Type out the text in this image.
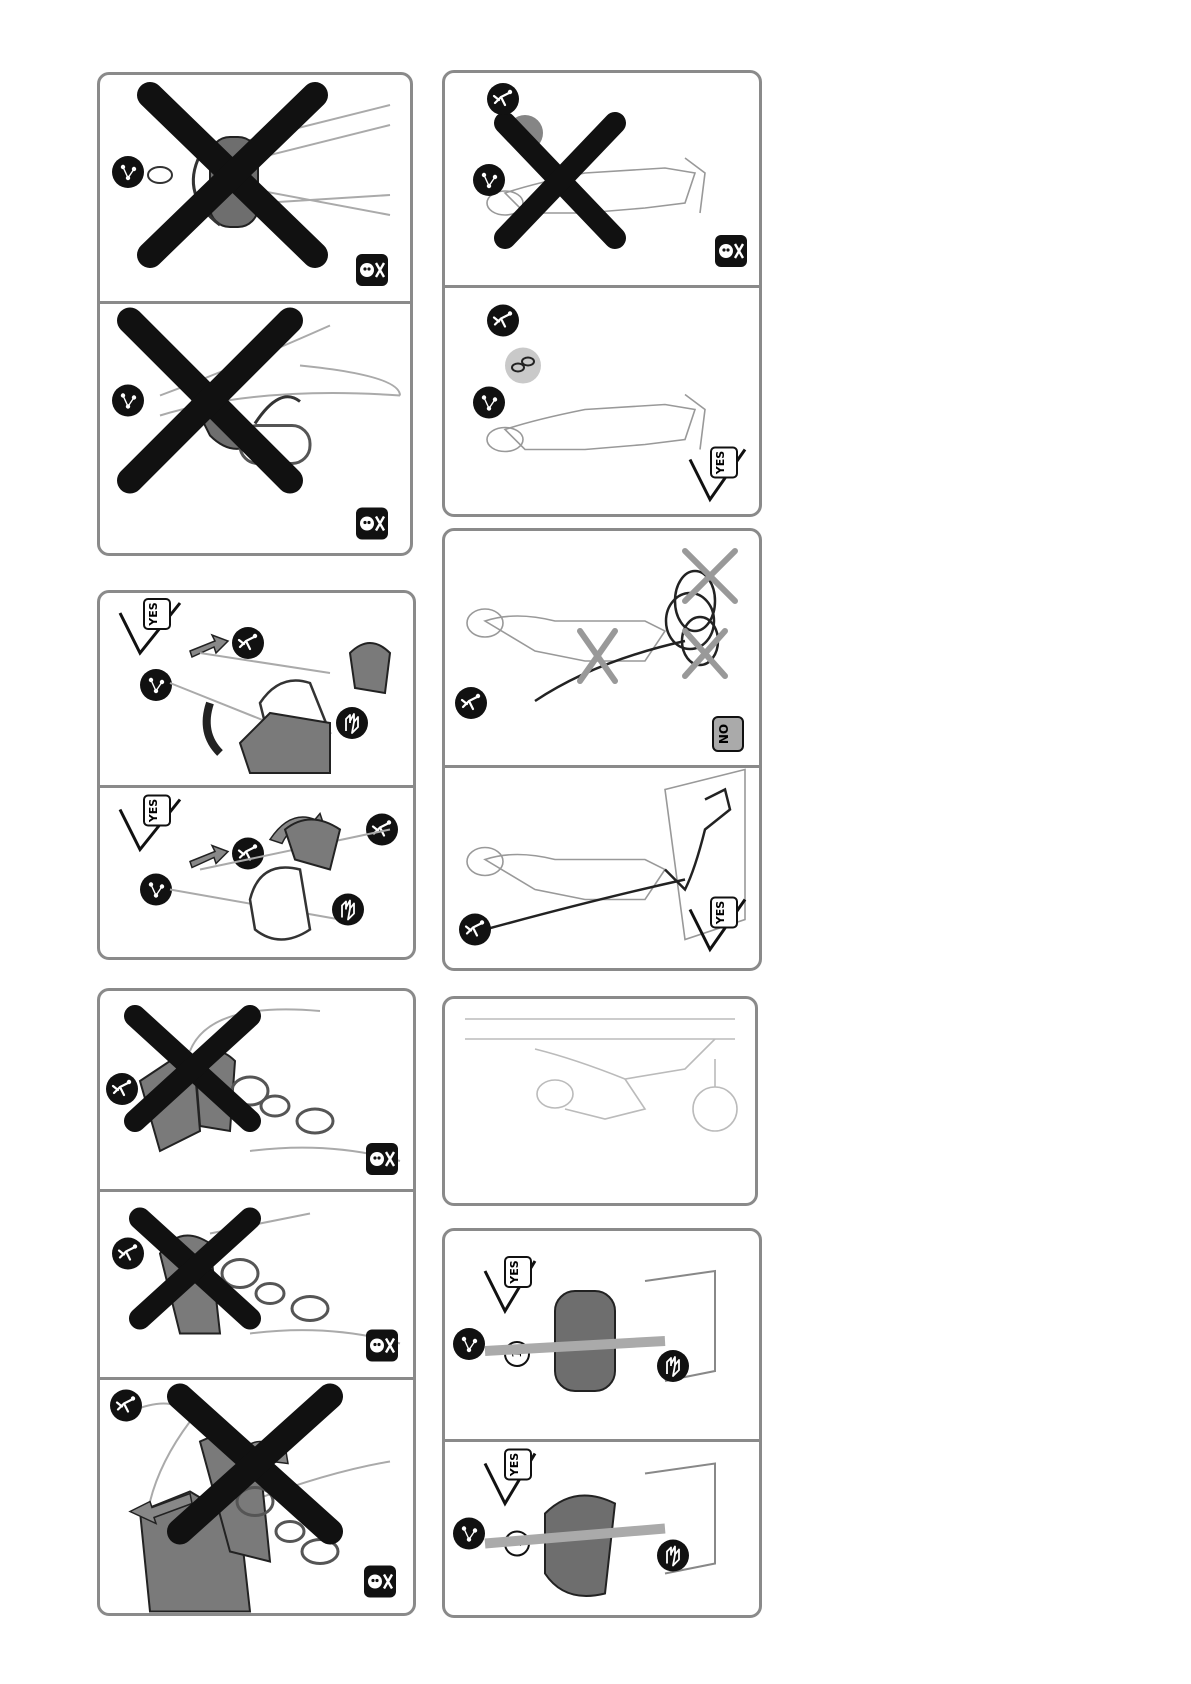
YES
YES
YES
NO
YES
YES
1
YES
1
